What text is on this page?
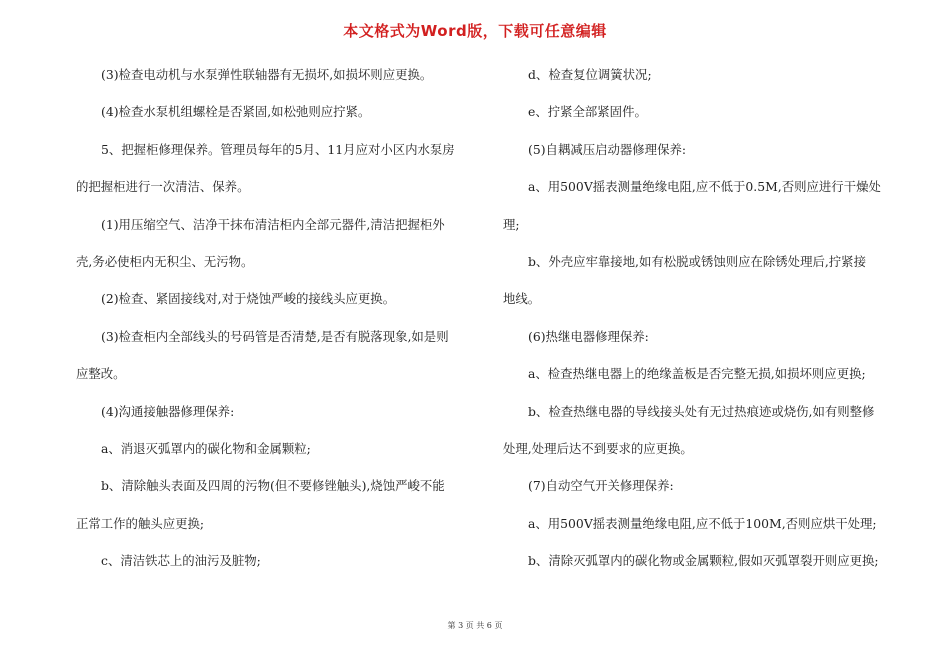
本文格式为Word版，下载可任意编辑
(3)检查电动机与水泵弹性联轴器有无损坏,如损坏则应更换。
(4)检查水泵机组螺栓是否紧固,如松弛则应拧紧。
5、把握柜修理保养。管理员每年的5月、11月应对小区内水泵房
的把握柜进行一次清洁、保养。
(1)用压缩空气、洁净干抹布清洁柜内全部元器件,清洁把握柜外
壳,务必使柜内无积尘、无污物。
(2)检查、紧固接线对,对于烧蚀严峻的接线头应更换。
(3)检查柜内全部线头的号码管是否清楚,是否有脱落现象,如是则
应整改。
(4)沟通接触器修理保养:
a、消退灭弧罩内的碳化物和金属颗粒;
b、清除触头表面及四周的污物(但不要修锉触头),烧蚀严峻不能
正常工作的触头应更换;
c、清洁铁芯上的油污及脏物;
d、检查复位调簧状况;
e、拧紧全部紧固件。
(5)自耦减压启动器修理保养:
a、用500V摇表测量绝缘电阻,应不低于0.5M,否则应进行干燥处
理;
b、外壳应牢靠接地,如有松脱或锈蚀则应在除锈处理后,拧紧接
地线。
(6)热继电器修理保养:
a、检查热继电器上的绝缘盖板是否完整无损,如损坏则应更换;
b、检查热继电器的导线接头处有无过热痕迹或烧伤,如有则整修
处理,处理后达不到要求的应更换。
(7)自动空气开关修理保养:
a、用500V摇表测量绝缘电阻,应不低于100M,否则应烘干处理;
b、清除灭弧罩内的碳化物或金属颗粒,假如灭弧罩裂开则应更换;
第 3 页 共 6 页
